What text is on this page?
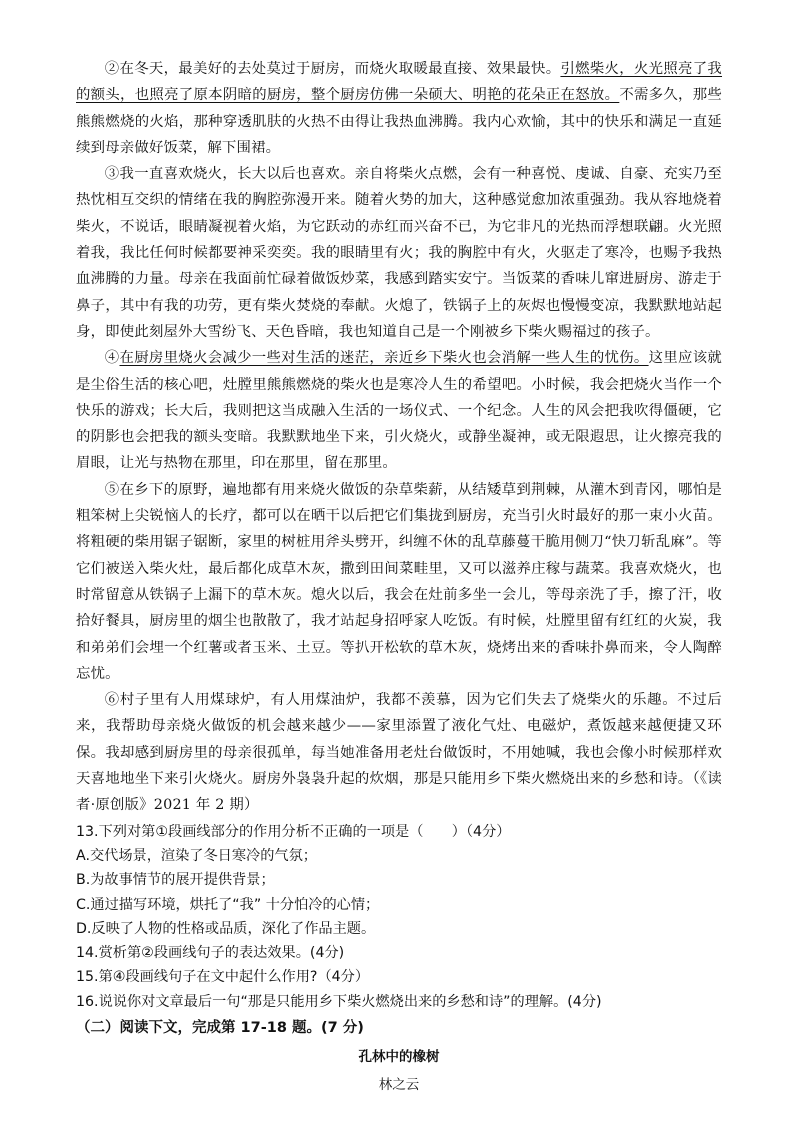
②在冬天，最美好的去处莫过于厨房，而烧火取暖最直接、效果最快。引燃柴火，火光照亮了我的额头，也照亮了原本阴暗的厨房，整个厨房仿佛一朵硕大、明艳的花朵正在怒放。不需多久，那些熊熊燃烧的火焰，那种穿透肌肤的火热不由得让我热血沸腾。我内心欢愉，其中的快乐和满足一直延续到母亲做好饭菜，解下围裙。

③我一直喜欢烧火，长大以后也喜欢。亲自将柴火点燃，会有一种喜悦、虔诚、自豪、充实乃至热忱相互交织的情绪在我的胸腔弥漫开来。随着火势的加大，这种感觉愈加浓重强劲。我从容地烧着柴火，不说话，眼睛凝视着火焰，为它跃动的赤红而兴奋不已，为它非凡的光热而浮想联翩。火光照着我，我比任何时候都要神采奕奕。我的眼睛里有火；我的胸腔中有火，火驱走了寒冷，也赐予我热血沸腾的力量。母亲在我面前忙碌着做饭炒菜，我感到踏实安宁。当饭菜的香味儿窜进厨房、游走于鼻子，其中有我的功劳，更有柴火焚烧的奉献。火熄了，铁锅子上的灰烬也慢慢变凉，我默默地站起身，即使此刻屋外大雪纷飞、天色昏暗，我也知道自己是一个刚被乡下柴火赐福过的孩子。

④在厨房里烧火会减少一些对生活的迷茫，亲近乡下柴火也会消解一些人生的忧伤。这里应该就是尘俗生活的核心吧，灶膛里熊熊燃烧的柴火也是寒冷人生的希望吧。小时候，我会把烧火当作一个快乐的游戏；长大后，我则把这当成融入生活的一场仪式、一个纪念。人生的风会把我吹得僵硬，它的阴影也会把我的额头变暗。我默默地坐下来，引火烧火，或静坐凝神，或无限遐思，让火擦亮我的眉眼，让光与热物在那里，印在那里，留在那里。

⑤在乡下的原野，遍地都有用来烧火做饭的杂草柴薪，从结矮草到荆棘，从灌木到青冈，哪怕是粗笨树上尖锐恼人的长疗，都可以在晒干以后把它们集拢到厨房，充当引火时最好的那一束小火苗。将粗硬的柴用锯子锯断，家里的树桩用斧头劈开，纠缠不休的乱草藤蔓干脆用侧刀“快刀斩乱麻”。等它们被送入柴火灶，最后都化成草木灰，撒到田间菜畦里，又可以滋养庄稼与蔬菜。我喜欢烧火，也时常留意从铁锅子上漏下的草木灰。熄火以后，我会在灶前多坐一会儿，等母亲洗了手，擦了汗，收拾好餐具，厨房里的烟尘也散散了，我才站起身招呼家人吃饭。有时候，灶膛里留有红红的火炭，我和弟弟们会埋一个红薯或者玉米、土豆。等扒开松软的草木灰，烧烤出来的香味扑鼻而来，令人陶醉忘忧。

⑥村子里有人用煤球炉，有人用煤油炉，我都不羡慕，因为它们失去了烧柴火的乐趣。不过后来，我帮助母亲烧火做饭的机会越来越少——家里添置了液化气灶、电磁炉，煮饭越来越便捷又环保。我却感到厨房里的母亲很孤单，每当她准备用老灶台做饭时，不用她喊，我也会像小时候那样欢天喜地地坐下来引火烧火。厨房外袅袅升起的炊烟，那是只能用乡下柴火燃烧出来的乡愁和诗。（《读者·原创版》2021 年 2 期）

13.下列对第①段画线部分的作用分析不正确的一项是（　　）（4分）

A.交代场景，渲染了冬日寒冷的气氛；

B.为故事情节的展开提供背景；

C.通过描写环境，烘托了“我” 十分怕冷的心情；

D.反映了人物的性格或品质，深化了作品主题。

14.赏析第②段画线句子的表达效果。(4分)

15.第④段画线句子在文中起什么作用?（4分）

16.说说你对文章最后一句“那是只能用乡下柴火燃烧出来的乡愁和诗”的理解。(4分)

（二）阅读下文，完成第 17-18 题。(7 分)

孔林中的橡树

林之云
